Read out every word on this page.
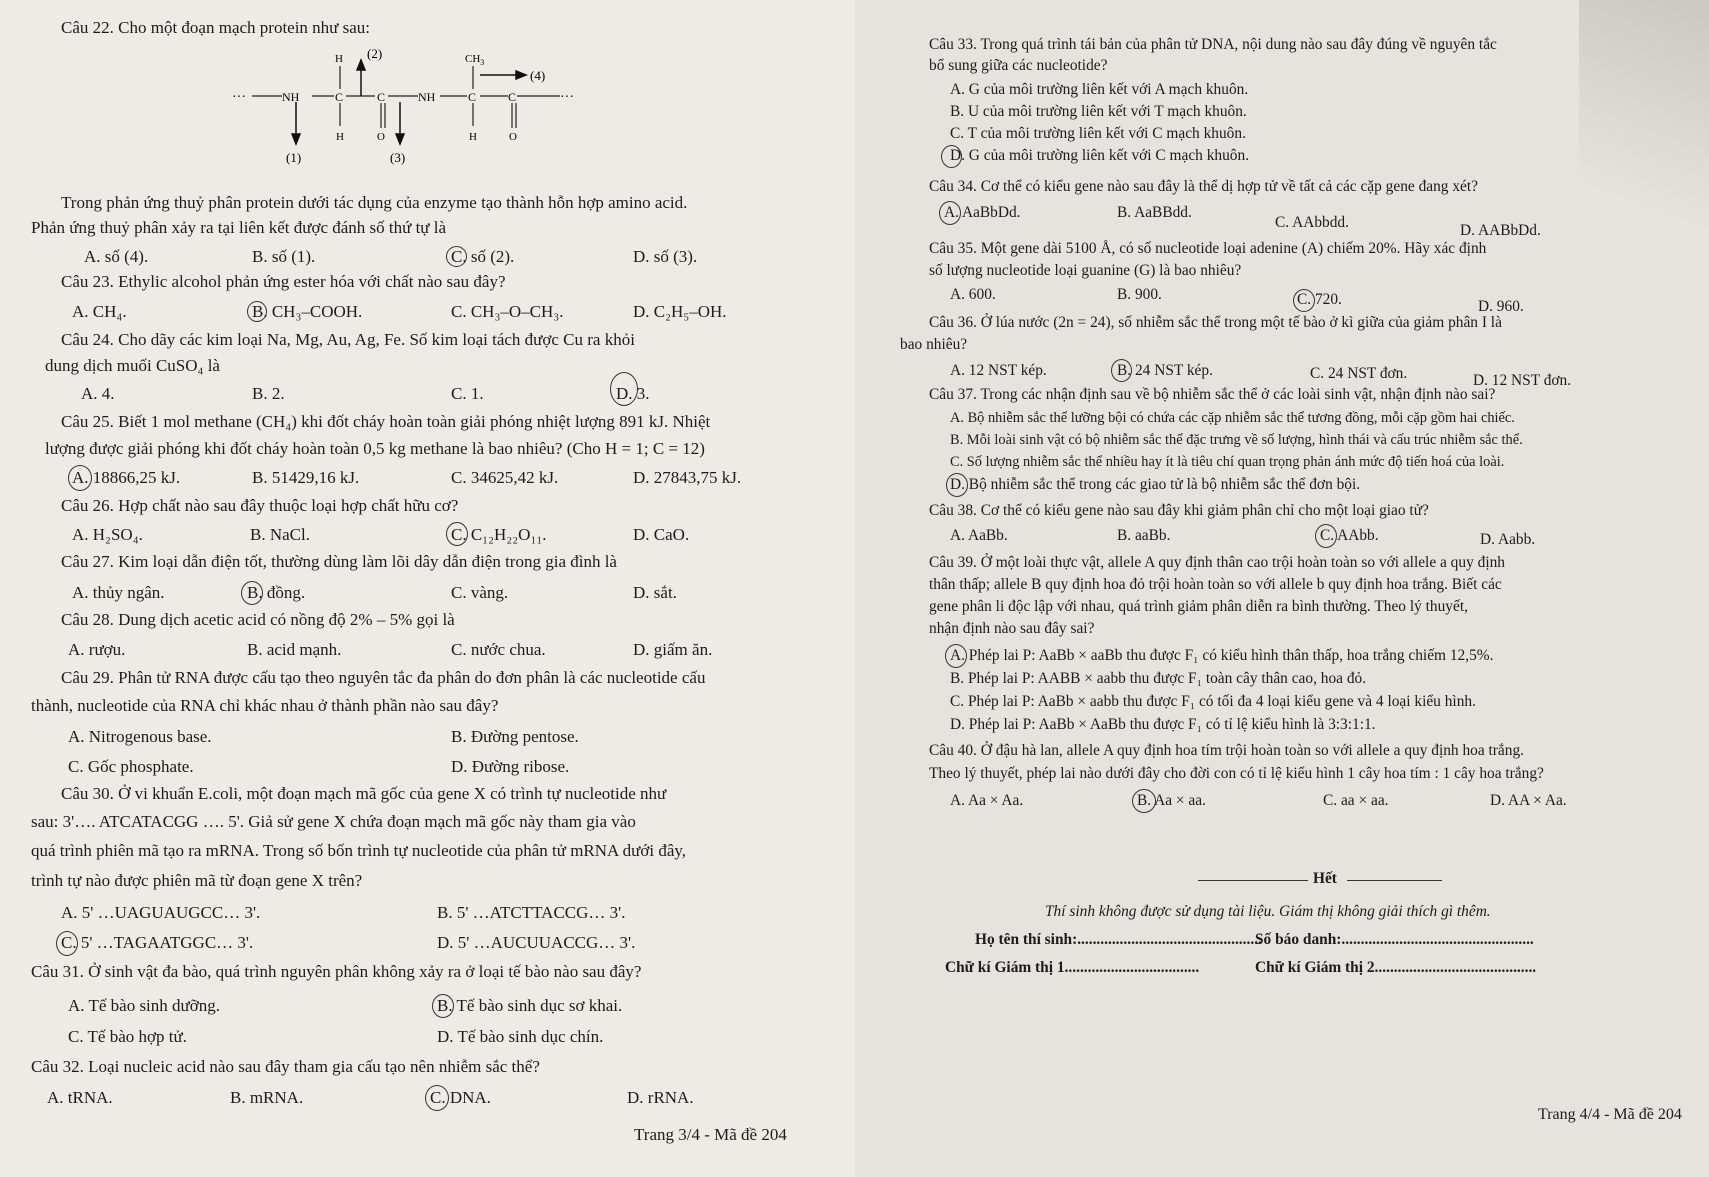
Câu 22. Cho một đoạn mạch protein như sau:
···	···
NH	NH
C	C	C	C
H	$CH_3$
H	H
O	O
(2)
(4)
(1)	(3)
Trong phản ứng thuỷ phân protein dưới tác dụng của enzyme tạo thành hỗn hợp amino acid.
Phản ứng thuỷ phân xảy ra tại liên kết được đánh số thứ tự là
A. số (4).	B. số (1).	C. số (2).	D. số (3).
Câu 23. Ethylic alcohol phản ứng ester hóa với chất nào sau đây?
A. CH₄.	B. CH₃–COOH.	C. CH₃–O–CH₃.	D. C₂H₅–OH.
Câu 24. Cho dãy các kim loại Na, Mg, Au, Ag, Fe. Số kim loại tách được Cu ra khỏi
dung dịch muối CuSO₄ là
A. 4.	B. 2.	C. 1.	D. 3.
Câu 25. Biết 1 mol methane (CH₄) khi đốt cháy hoàn toàn giải phóng nhiệt lượng 891 kJ. Nhiệt
lượng được giải phóng khi đốt cháy hoàn toàn 0,5 kg methane là bao nhiêu? (Cho H = 1; C = 12)
A. 18866,25 kJ.	B. 51429,16 kJ.	C. 34625,42 kJ.	D. 27843,75 kJ.
Câu 26. Hợp chất nào sau đây thuộc loại hợp chất hữu cơ?
A. H₂SO₄.	B. NaCl.	C. C₁₂H₂₂O₁₁.	D. CaO.
Câu 27. Kim loại dẫn điện tốt, thường dùng làm lõi dây dẫn điện trong gia đình là
A. thủy ngân.	B. đồng.	C. vàng.	D. sắt.
Câu 28. Dung dịch acetic acid có nồng độ 2% – 5% gọi là
A. rượu.	B. acid mạnh.	C. nước chua.	D. giấm ăn.
Câu 29. Phân tử RNA được cấu tạo theo nguyên tắc đa phân do đơn phân là các nucleotide cấu
thành, nucleotide của RNA chỉ khác nhau ở thành phần nào sau đây?
A. Nitrogenous base.	B. Đường pentose.
C. Gốc phosphate.	D. Đường ribose.
Câu 30. Ở vi khuẩn E.coli, một đoạn mạch mã gốc của gene X có trình tự nucleotide như
sau: 3'…. ATCATACGG …. 5'. Giả sử gene X chứa đoạn mạch mã gốc này tham gia vào
quá trình phiên mã tạo ra mRNA. Trong số bốn trình tự nucleotide của phân tử mRNA dưới đây,
trình tự nào được phiên mã từ đoạn gene X trên?
A. 5' …UAGUAUGCC… 3'.	B. 5' …ATCTTACCG… 3'.
C. 5' …TAGAATGGC… 3'.	D. 5' …AUCUUACCG… 3'.
Câu 31. Ở sinh vật đa bào, quá trình nguyên phân không xảy ra ở loại tế bào nào sau đây?
A. Tế bào sinh dưỡng.	B. Tế bào sinh dục sơ khai.
C. Tế bào hợp tử.	D. Tế bào sinh dục chín.
Câu 32. Loại nucleic acid nào sau đây tham gia cấu tạo nên nhiễm sắc thể?
A. tRNA.	B. mRNA.	C. DNA.	D. rRNA.
Trang 3/4 - Mã đề 204
Câu 33. Trong quá trình tái bản của phân tử DNA, nội dung nào sau đây đúng về nguyên tắc
bổ sung giữa các nucleotide?
A. G của môi trường liên kết với A mạch khuôn.
B. U của môi trường liên kết với T mạch khuôn.
C. T của môi trường liên kết với C mạch khuôn.
D. G của môi trường liên kết với C mạch khuôn.
Câu 34. Cơ thể có kiểu gene nào sau đây là thể dị hợp tử về tất cả các cặp gene đang xét?
A. AaBbDd.	B. AaBBdd.
C. AAbbdd.	D. AABbDd.
Câu 35. Một gene dài 5100 Å, có số nucleotide loại adenine (A) chiếm 20%. Hãy xác định
số lượng nucleotide loại guanine (G) là bao nhiêu?
A. 600.	B. 900.	C. 720.	D. 960.
Câu 36. Ở lúa nước (2n = 24), số nhiễm sắc thể trong một tế bào ở kì giữa của giảm phân I là
bao nhiêu?
A. 12 NST kép.	B. 24 NST kép.	C. 24 NST đơn.	D. 12 NST đơn.
Câu 37. Trong các nhận định sau về bộ nhiễm sắc thể ở các loài sinh vật, nhận định nào sai?
A. Bộ nhiễm sắc thể lưỡng bội có chứa các cặp nhiễm sắc thể tương đồng, mỗi cặp gồm hai chiếc.
B. Mỗi loài sinh vật có bộ nhiễm sắc thể đặc trưng về số lượng, hình thái và cấu trúc nhiễm sắc thể.
C. Số lượng nhiễm sắc thể nhiều hay ít là tiêu chí quan trọng phản ánh mức độ tiến hoá của loài.
D. Bộ nhiễm sắc thể trong các giao tử là bộ nhiễm sắc thể đơn bội.
Câu 38. Cơ thể có kiểu gene nào sau đây khi giảm phân chỉ cho một loại giao tử?
A. AaBb.	B. aaBb.	C. AAbb.	D. Aabb.
Câu 39. Ở một loài thực vật, allele A quy định thân cao trội hoàn toàn so với allele a quy định
thân thấp; allele B quy định hoa đỏ trội hoàn toàn so với allele b quy định hoa trắng. Biết các
gene phân li độc lập với nhau, quá trình giảm phân diễn ra bình thường. Theo lý thuyết,
nhận định nào sau đây sai?
A. Phép lai P: AaBb × aaBb thu được F₁ có kiểu hình thân thấp, hoa trắng chiếm 12,5%.
B. Phép lai P: AABB × aabb thu được F₁ toàn cây thân cao, hoa đỏ.
C. Phép lai P: AaBb × aabb thu được F₁ có tối đa 4 loại kiểu gene và 4 loại kiểu hình.
D. Phép lai P: AaBb × AaBb thu được F₁ có tỉ lệ kiểu hình là 3:3:1:1.
Câu 40. Ở đậu hà lan, allele A quy định hoa tím trội hoàn toàn so với allele a quy định hoa trắng.
Theo lý thuyết, phép lai nào dưới đây cho đời con có tỉ lệ kiểu hình 1 cây hoa tím : 1 cây hoa trắng?
A. Aa × Aa.	B. Aa × aa.	C. aa × aa.	D. AA × Aa.
Hết
Thí sinh không được sử dụng tài liệu. Giám thị không giải thích gì thêm.
Họ tên thí sinh:................................................
Số báo danh:..................................................
Chữ kí Giám thị 1...................................	Chữ kí Giám thị 2..........................................
Trang 4/4 - Mã đề 204
